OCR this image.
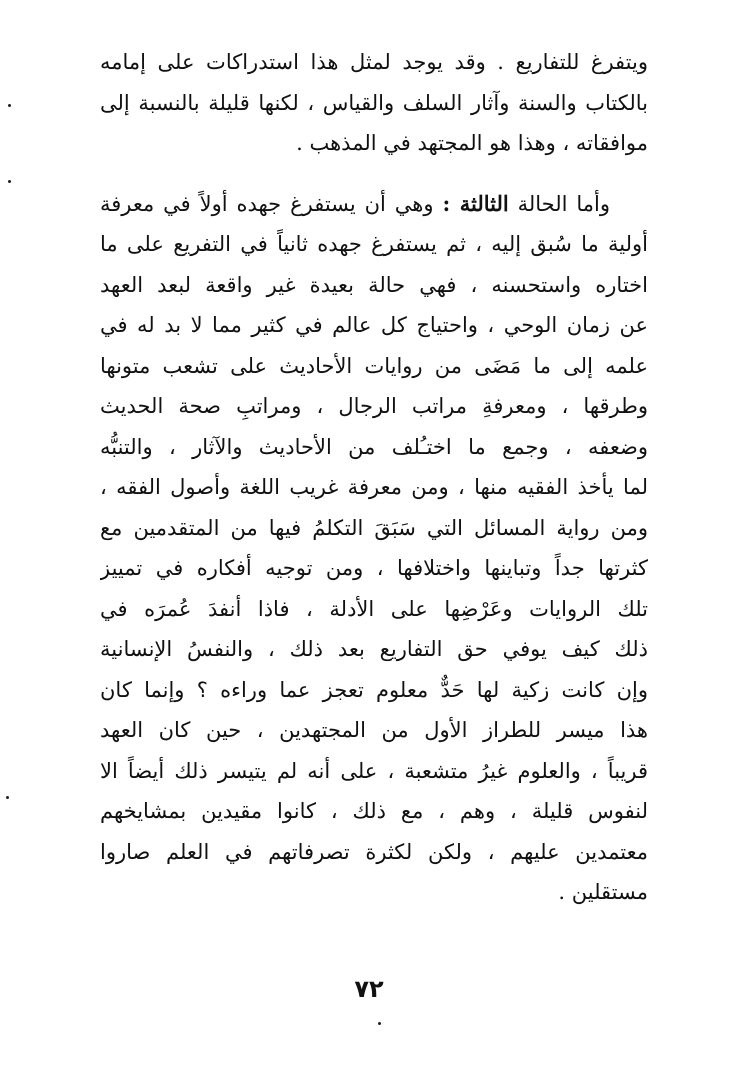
ويتفرغ للتفاريع . وقد يوجد لمثل هذا استدراكات على إمامه
بالكتاب والسنة وآثار السلف والقياس ، لكنها قليلة بالنسبة إلى
موافقاته ، وهذا هو المجتهد في المذهب .
وأما الحالة الثالثة : وهي أن يستفرغ جهده أولاً في معرفة
أولية ما سُبق إليه ، ثم يستفرغ جهده ثانياً في التفريع على ما
اختاره واستحسنه ، فهي حالة بعيدة غير واقعة لبعد العهد
عن زمان الوحي ، واحتياج كل عالم في كثير مما لا بد له في
علمه إلى ما مَضَى من روايات الأحاديث على تشعب متونها
وطرقها ، ومعرفةِ مراتب الرجال ، ومراتبِ صحة الحديث
وضعفه ، وجمع ما اختـُلف من الأحاديث والآثار ، والتنبُّه
لما يأخذ الفقيه منها ، ومن معرفة غريب اللغة وأصول الفقه ،
ومن رواية المسائل التي سَبَقَ التكلمُ فيها من المتقدمين مع
كثرتها جداً وتباينها واختلافها ، ومن توجيه أفكاره في تمييز
تلك الروايات وعَرْضِها على الأدلة ، فاذا أنفدَ عُمرَه في
ذلك كيف يوفي حق التفاريع بعد ذلك ، والنفسُ الإنسانية
وإن كانت زكية لها حَدٌّ معلوم تعجز عما وراءه ؟ وإنما كان
هذا ميسر للطراز الأول من المجتهدين ، حين كان العهد
قريباً ، والعلوم غيرُ متشعبة ، على أنه لم يتيسر ذلك أيضاً الا
لنفوس قليلة ، وهم ، مع ذلك ، كانوا مقيدين بمشايخهم
معتمدين عليهم ، ولكن لكثرة تصرفاتهم في العلم صاروا
مستقلين .
٧٢
